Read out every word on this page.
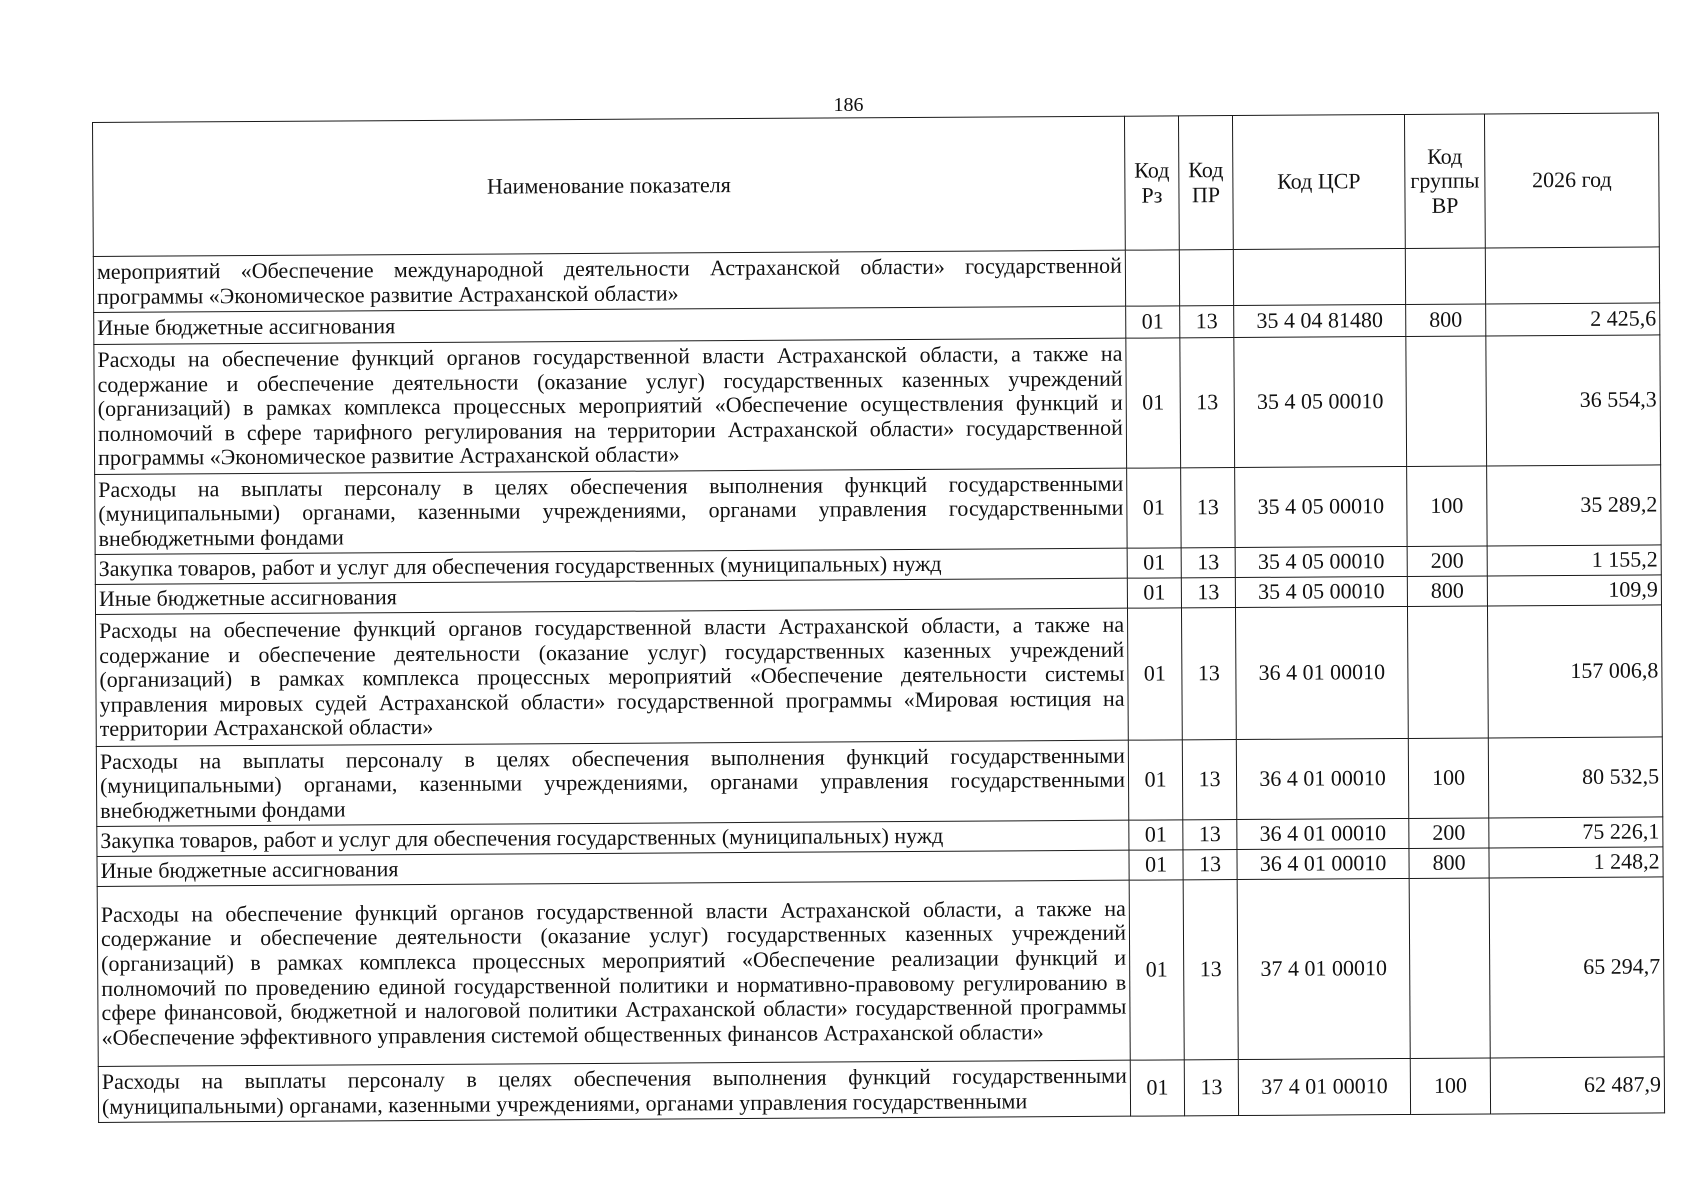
186
Наименование показателя	Код Рз	Код ПР	Код ЦСР	Код группы ВР	2026 год
мероприятий «Обеспечение международной деятельности Астраханской области» государственной программы «Экономическое развитие Астраханской области»					
Иные бюджетные ассигнования	01	13	35 4 04 81480	800	2 425,6
Расходы на обеспечение функций органов государственной власти Астраханской области, а также на содержание и обеспечение деятельности (оказание услуг) государственных казенных учреждений (организаций) в рамках комплекса процессных мероприятий «Обеспечение осуществления функций и полномочий в сфере тарифного регулирования на территории Астраханской области» государственной программы «Экономическое развитие Астраханской области»	01	13	35 4 05 00010		36 554,3
Расходы на выплаты персоналу в целях обеспечения выполнения функций государственными (муниципальными) органами, казенными учреждениями, органами управления государственными внебюджетными фондами	01	13	35 4 05 00010	100	35 289,2
Закупка товаров, работ и услуг для обеспечения государственных (муниципальных) нужд	01	13	35 4 05 00010	200	1 155,2
Иные бюджетные ассигнования	01	13	35 4 05 00010	800	109,9
Расходы на обеспечение функций органов государственной власти Астраханской области, а также на содержание и обеспечение деятельности (оказание услуг) государственных казенных учреждений (организаций) в рамках комплекса процессных мероприятий «Обеспечение деятельности системы управления мировых судей Астраханской области» государственной программы «Мировая юстиция на территории Астраханской области»	01	13	36 4 01 00010		157 006,8
Расходы на выплаты персоналу в целях обеспечения выполнения функций государственными (муниципальными) органами, казенными учреждениями, органами управления государственными внебюджетными фондами	01	13	36 4 01 00010	100	80 532,5
Закупка товаров, работ и услуг для обеспечения государственных (муниципальных) нужд	01	13	36 4 01 00010	200	75 226,1
Иные бюджетные ассигнования	01	13	36 4 01 00010	800	1 248,2
Расходы на обеспечение функций органов государственной власти Астраханской области, а также на содержание и обеспечение деятельности (оказание услуг) государственных казенных учреждений (организаций) в рамках комплекса процессных мероприятий «Обеспечение реализации функций и полномочий по проведению единой государственной политики и нормативно-правовому регулированию в сфере финансовой, бюджетной и налоговой политики Астраханской области» государственной программы «Обеспечение эффективного управления системой общественных финансов Астраханской области»	01	13	37 4 01 00010		65 294,7
Расходы на выплаты персоналу в целях обеспечения выполнения функций государственными (муниципальными) органами, казенными учреждениями, органами управления государственными	01	13	37 4 01 00010	100	62 487,9
